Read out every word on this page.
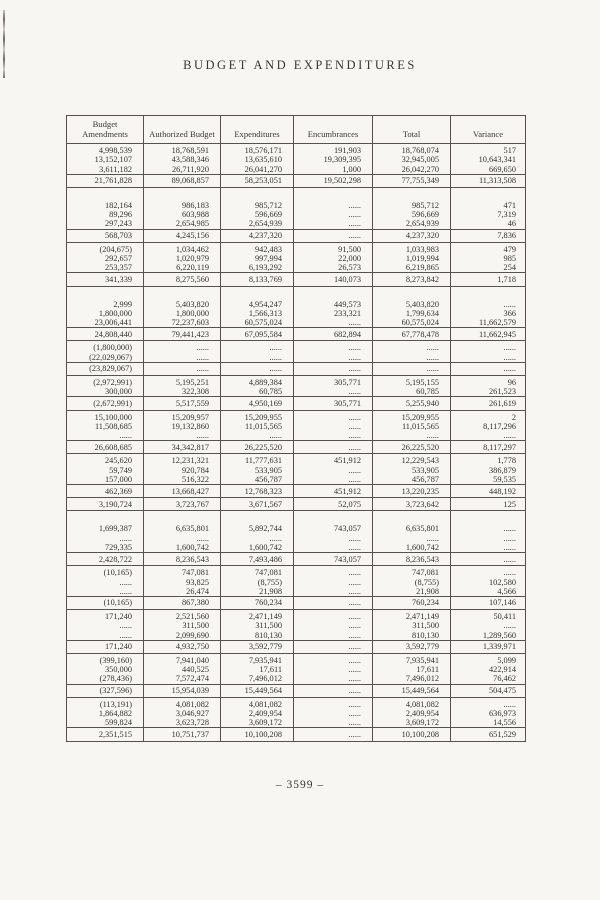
BUDGET AND EXPENDITURES
Budget Amendments	Authorized Budget	Expenditures	Encumbrances	Total	Variance
4,998,539	18,768,591	18,576,171	191,903	18,768,074	517
13,152,107	43,588,346	13,635,610	19,309,395	32,945,005	10,643,341
3,611,182	26,711,920	26,041,270	1,000	26,042,270	669,650
21,761,828	89,068,857	58,253,051	19,502,298	77,755,349	11,313,508

182,164	986,183	985,712	......	985,712	471
89,296	603,988	596,669	......	596,669	7,319
297,243	2,654,985	2,654,939	......	2,654,939	46
568,703	4,245,156	4,237,320	......	4,237,320	7,836
(204,675)	1,034,462	942,483	91,500	1,033,983	479
292,657	1,020,979	997,994	22,000	1,019,994	985
253,357	6,220,119	6,193,292	26,573	6,219,865	254
341,339	8,275,560	8,133,769	140,073	8,273,842	1,718

2,999	5,403,820	4,954,247	449,573	5,403,820	......
1,800,000	1,800,000	1,566,313	233,321	1,799,634	366
23,006,441	72,237,603	60,575,024	......	60,575,024	11,662,579
24,808,440	79,441,423	67,095,584	682,894	67,778,478	11,662,945
(1,800,000)	......	......	......	......	......
(22,029,067)	......	......	......	......	......
(23,829,067)	......	......	......	......	......
(2,972,991)	5,195,251	4,889,384	305,771	5,195,155	96
300,000	322,308	60,785	......	60,785	261,523
(2,672,991)	5,517,559	4,950,169	305,771	5,255,940	261,619
15,100,000	15,209,957	15,209,955	......	15,209,955	2
11,508,685	19,132,860	11,015,565	......	11,015,565	8,117,296
......	......	......	......	......	......
26,608,685	34,342,817	26,225,520	......	26,225,520	8,117,297
245,620	12,231,321	11,777,631	451,912	12,229,543	1,778
59,749	920,784	533,905	......	533,905	386,879
157,000	516,322	456,787	......	456,787	59,535
462,369	13,668,427	12,768,323	451,912	13,220,235	448,192
3,190,724	3,723,767	3,671,567	52,075	3,723,642	125

1,699,387	6,635,801	5,892,744	743,057	6,635,801	......
......	......	......	......	......	......
729,335	1,600,742	1,600,742	......	1,600,742	......
2,428,722	8,236,543	7,493,486	743,057	8,236,543	......
(10,165)	747,081	747,081	......	747,081	......
......	93,825	(8,755)	......	(8,755)	102,580
......	26,474	21,908	......	21,908	4,566
(10,165)	867,380	760,234	......	760,234	107,146
171,240	2,521,560	2,471,149	......	2,471,149	50,411
......	311,500	311,500	......	311,500	......
......	2,099,690	810,130	......	810,130	1,289,560
171,240	4,932,750	3,592,779	......	3,592,779	1,339,971
(399,160)	7,941,040	7,935,941	......	7,935,941	5,099
350,000	440,525	17,611	......	17,611	422,914
(278,436)	7,572,474	7,496,012	......	7,496,012	76,462
(327,596)	15,954,039	15,449,564	......	15,449,564	504,475
(113,191)	4,081,082	4,081,082	......	4,081,082	......
1,864,882	3,046,927	2,409,954	......	2,409,954	636,973
599,824	3,623,728	3,609,172	......	3,609,172	14,556
2,351,515	10,751,737	10,100,208	......	10,100,208	651,529
– 3599 –
